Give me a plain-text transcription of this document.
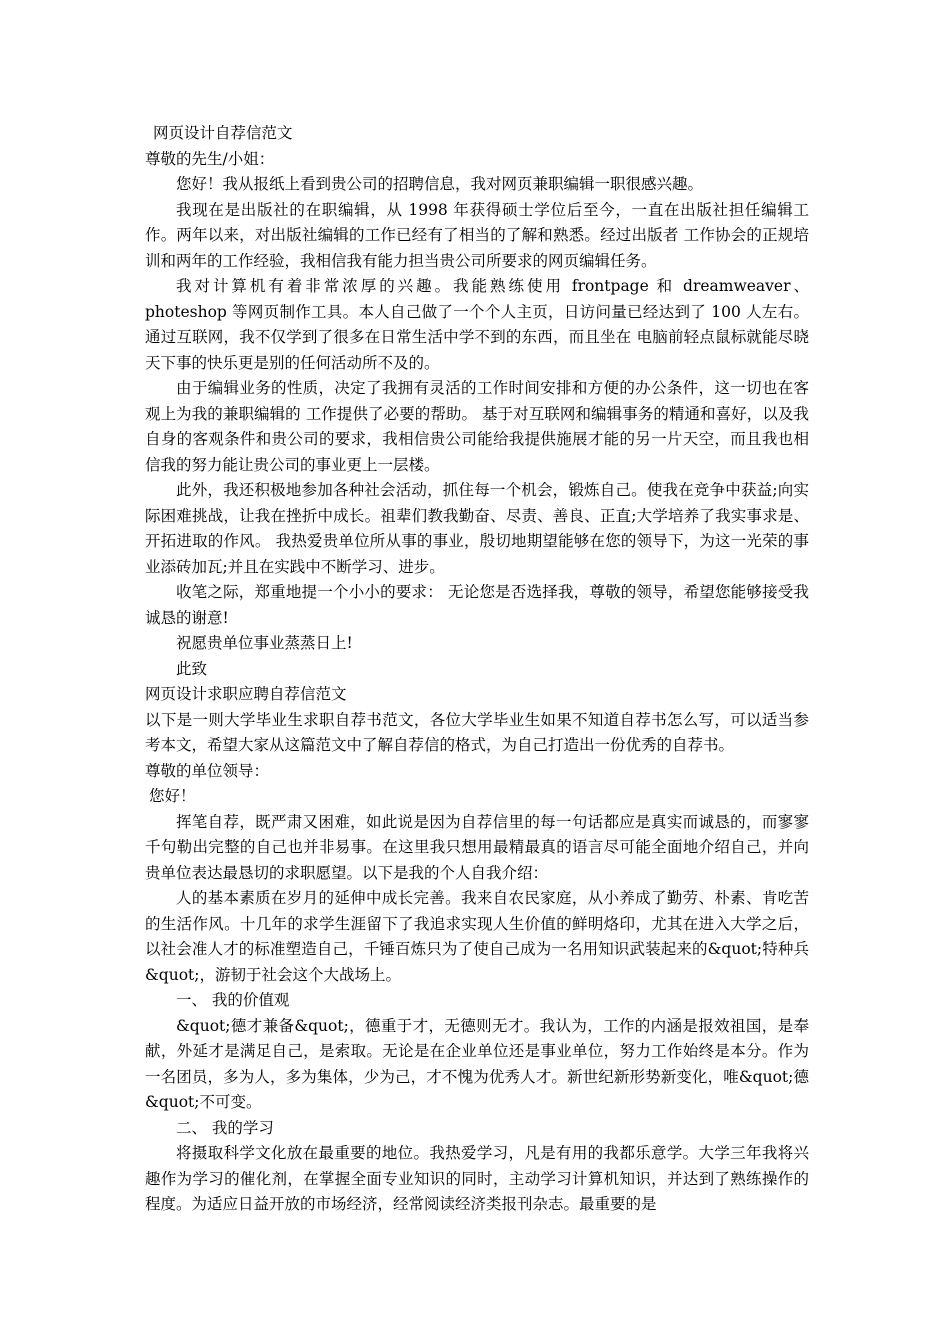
网页设计自荐信范文

尊敬的先生/小姐：

您好！我从报纸上看到贵公司的招聘信息，我对网页兼职编辑一职很感兴趣。

我现在是出版社的在职编辑，从 1998 年获得硕士学位后至今，一直在出版社担任编辑工作。两年以来，对出版社编辑的工作已经有了相当的了解和熟悉。经过出版者 工作协会的正规培训和两年的工作经验，我相信我有能力担当贵公司所要求的网页编辑任务。

我对计算机有着非常浓厚的兴趣。我能熟练使用 frontpage 和 dreamweaver、photeshop 等网页制作工具。本人自己做了一个个人主页，日访问量已经达到了 100 人左右。通过互联网，我不仅学到了很多在日常生活中学不到的东西，而且坐在 电脑前轻点鼠标就能尽晓天下事的快乐更是别的任何活动所不及的。

由于编辑业务的性质，决定了我拥有灵活的工作时间安排和方便的办公条件，这一切也在客观上为我的兼职编辑的 工作提供了必要的帮助。 基于对互联网和编辑事务的精通和喜好，以及我自身的客观条件和贵公司的要求，我相信贵公司能给我提供施展才能的另一片天空，而且我也相信我的努力能让贵公司的事业更上一层楼。

此外，我还积极地参加各种社会活动，抓住每一个机会，锻炼自己。使我在竞争中获益;向实际困难挑战，让我在挫折中成长。祖辈们教我勤奋、尽责、善良、正直;大学培养了我实事求是、开拓进取的作风。 我热爱贵单位所从事的事业，殷切地期望能够在您的领导下，为这一光荣的事业添砖加瓦;并且在实践中不断学习、进步。

收笔之际，郑重地提一个小小的要求： 无论您是否选择我，尊敬的领导，希望您能够接受我诚恳的谢意!

祝愿贵单位事业蒸蒸日上!

此致

网页设计求职应聘自荐信范文

以下是一则大学毕业生求职自荐书范文，各位大学毕业生如果不知道自荐书怎么写，可以适当参考本文，希望大家从这篇范文中了解自荐信的格式，为自己打造出一份优秀的自荐书。

尊敬的单位领导：

您好！

挥笔自荐，既严肃又困难，如此说是因为自荐信里的每一句话都应是真实而诚恳的，而寥寥千句勒出完整的自己也并非易事。在这里我只想用最精最真的语言尽可能全面地介绍自己，并向贵单位表达最恳切的求职愿望。以下是我的个人自我介绍：

人的基本素质在岁月的延伸中成长完善。我来自农民家庭，从小养成了勤劳、朴素、肯吃苦的生活作风。十几年的求学生涯留下了我追求实现人生价值的鲜明烙印，尤其在进入大学之后，以社会准人才的标准塑造自己，千锤百炼只为了使自己成为一名用知识武装起来的&quot;特种兵&quot;，游韧于社会这个大战场上。

一、 我的价值观

&quot;德才兼备&quot;，德重于才，无德则无才。我认为，工作的内涵是报效祖国，是奉献，外延才是满足自己，是索取。无论是在企业单位还是事业单位，努力工作始终是本分。作为一名团员，多为人，多为集体，少为己，才不愧为优秀人才。新世纪新形势新变化，唯&quot;德&quot;不可变。

二、 我的学习

将摄取科学文化放在最重要的地位。我热爱学习，凡是有用的我都乐意学。大学三年我将兴趣作为学习的催化剂，在掌握全面专业知识的同时，主动学习计算机知识，并达到了熟练操作的程度。为适应日益开放的市场经济，经常阅读经济类报刊杂志。最重要的是
